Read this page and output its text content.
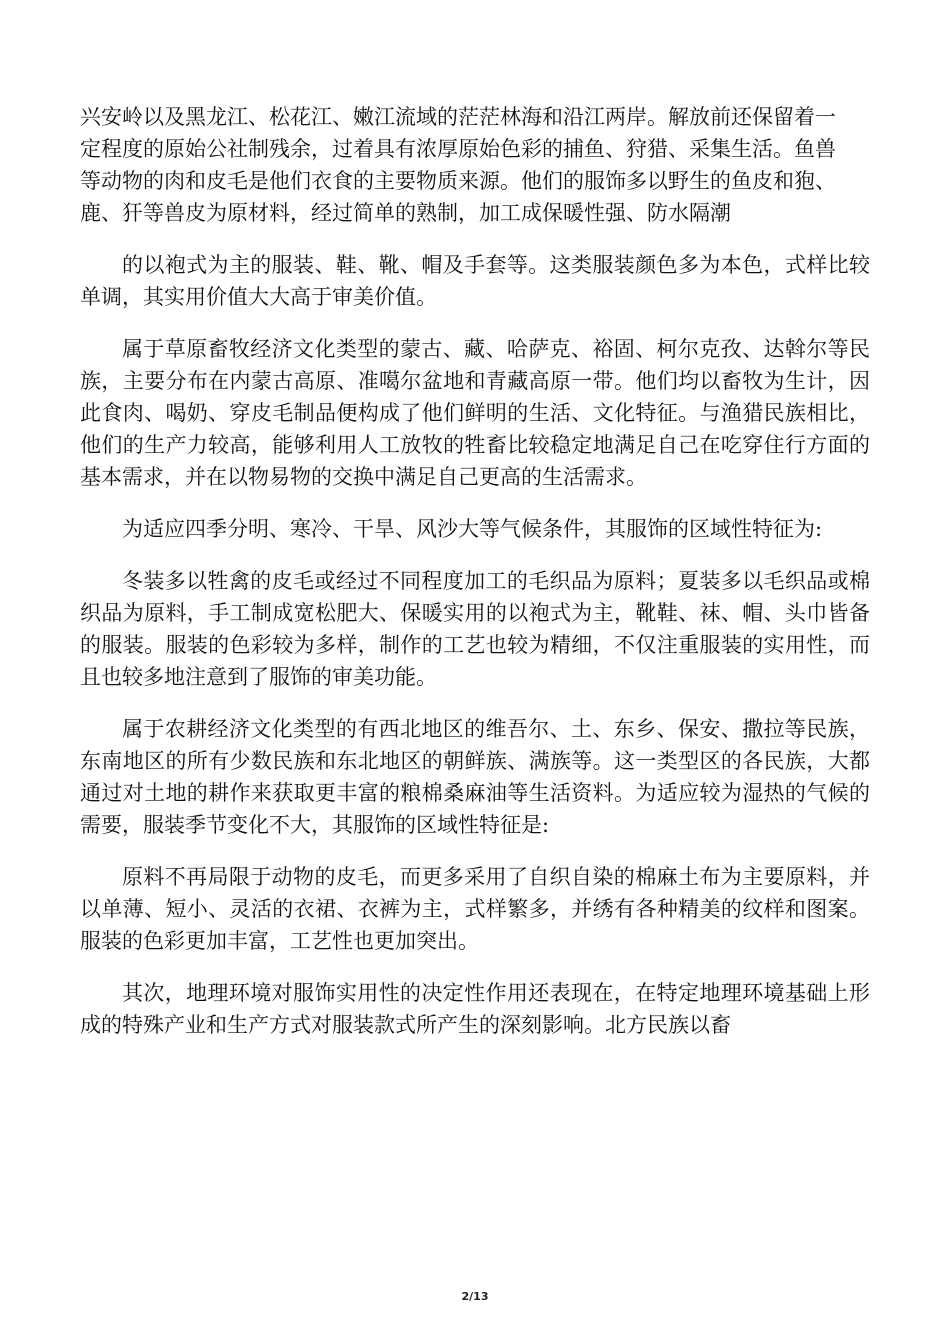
兴安岭以及黑龙江、松花江、嫩江流域的茫茫林海和沿江两岸。解放前还保留着一定程度的原始公社制残余，过着具有浓厚原始色彩的捕鱼、狩猎、采集生活。鱼兽等动物的肉和皮毛是他们衣食的主要物质来源。他们的服饰多以野生的鱼皮和狍、鹿、犴等兽皮为原材料，经过简单的熟制，加工成保暖性强、防水隔潮

的以袍式为主的服装、鞋、靴、帽及手套等。这类服装颜色多为本色，式样比较单调，其实用价值大大高于审美价值。

属于草原畜牧经济文化类型的蒙古、藏、哈萨克、裕固、柯尔克孜、达斡尔等民族，主要分布在内蒙古高原、准噶尔盆地和青藏高原一带。他们均以畜牧为生计，因此食肉、喝奶、穿皮毛制品便构成了他们鲜明的生活、文化特征。与渔猎民族相比，他们的生产力较高，能够利用人工放牧的牲畜比较稳定地满足自己在吃穿住行方面的基本需求，并在以物易物的交换中满足自己更高的生活需求。

为适应四季分明、寒冷、干旱、风沙大等气候条件，其服饰的区域性特征为:

冬装多以牲禽的皮毛或经过不同程度加工的毛织品为原料；夏装多以毛织品或棉织品为原料，手工制成宽松肥大、保暖实用的以袍式为主，靴鞋、袜、帽、头巾皆备的服装。服装的色彩较为多样，制作的工艺也较为精细，不仅注重服装的实用性，而且也较多地注意到了服饰的审美功能。

属于农耕经济文化类型的有西北地区的维吾尔、土、东乡、保安、撒拉等民族，东南地区的所有少数民族和东北地区的朝鲜族、满族等。这一类型区的各民族，大都通过对土地的耕作来获取更丰富的粮棉桑麻油等生活资料。为适应较为湿热的气候的需要，服装季节变化不大，其服饰的区域性特征是:

原料不再局限于动物的皮毛，而更多采用了自织自染的棉麻土布为主要原料，并以单薄、短小、灵活的衣裙、衣裤为主，式样繁多，并绣有各种精美的纹样和图案。服装的色彩更加丰富，工艺性也更加突出。

其次，地理环境对服饰实用性的决定性作用还表现在，在特定地理环境基础上形成的特殊产业和生产方式对服装款式所产生的深刻影响。北方民族以畜

2/13
